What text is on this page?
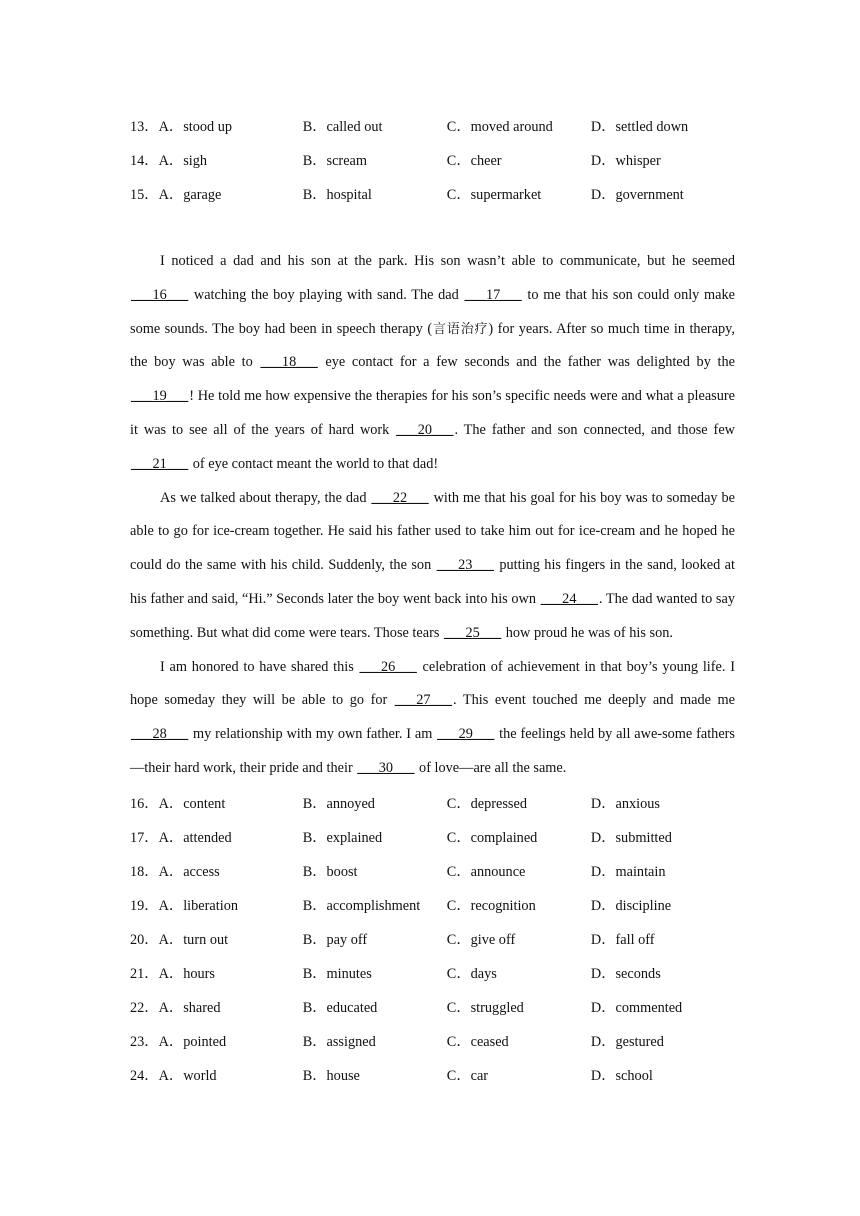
13． A．stood up	B．called out	C．moved around	D．settled down
14． A．sigh	B．scream	C．cheer	D．whisper
15． A．garage	B．hospital	C．supermarket	D．government

I noticed a dad and his son at the park. His son wasn’t able to communicate, but he seemed ___16___ watching the boy playing with sand. The dad ___17___ to me that his son could only make some sounds. The boy had been in speech therapy (言语治疗) for years. After so much time in therapy, the boy was able to ___18___ eye contact for a few seconds and the father was delighted by the ___19___! He told me how expensive the therapies for his son’s specific needs were and what a pleasure it was to see all of the years of hard work ___20___. The father and son connected, and those few ___21___ of eye contact meant the world to that dad!

As we talked about therapy, the dad ___22___ with me that his goal for his boy was to someday be able to go for ice-cream together. He said his father used to take him out for ice-cream and he hoped he could do the same with his child. Suddenly, the son ___23___ putting his fingers in the sand, looked at his father and said, “Hi.” Seconds later the boy went back into his own ___24___. The dad wanted to say something. But what did come were tears. Those tears ___25___ how proud he was of his son.

I am honored to have shared this ___26___ celebration of achievement in that boy’s young life. I hope someday they will be able to go for ___27___. This event touched me deeply and made me ___28___ my relationship with my own father. I am ___29___ the feelings held by all awe-some fathers—their hard work, their pride and their ___30___ of love—are all the same.

16． A．content	B．annoyed	C．depressed	D．anxious
17． A．attended	B．explained	C．complained	D．submitted
18． A．access	B．boost	C．announce	D．maintain
19． A．liberation	B．accomplishment	C．recognition	D．discipline
20． A．turn out	B．pay off	C．give off	D．fall off
21． A．hours	B．minutes	C．days	D．seconds
22． A．shared	B．educated	C．struggled	D．commented
23． A．pointed	B．assigned	C．ceased	D．gestured
24． A．world	B．house	C．car	D．school
